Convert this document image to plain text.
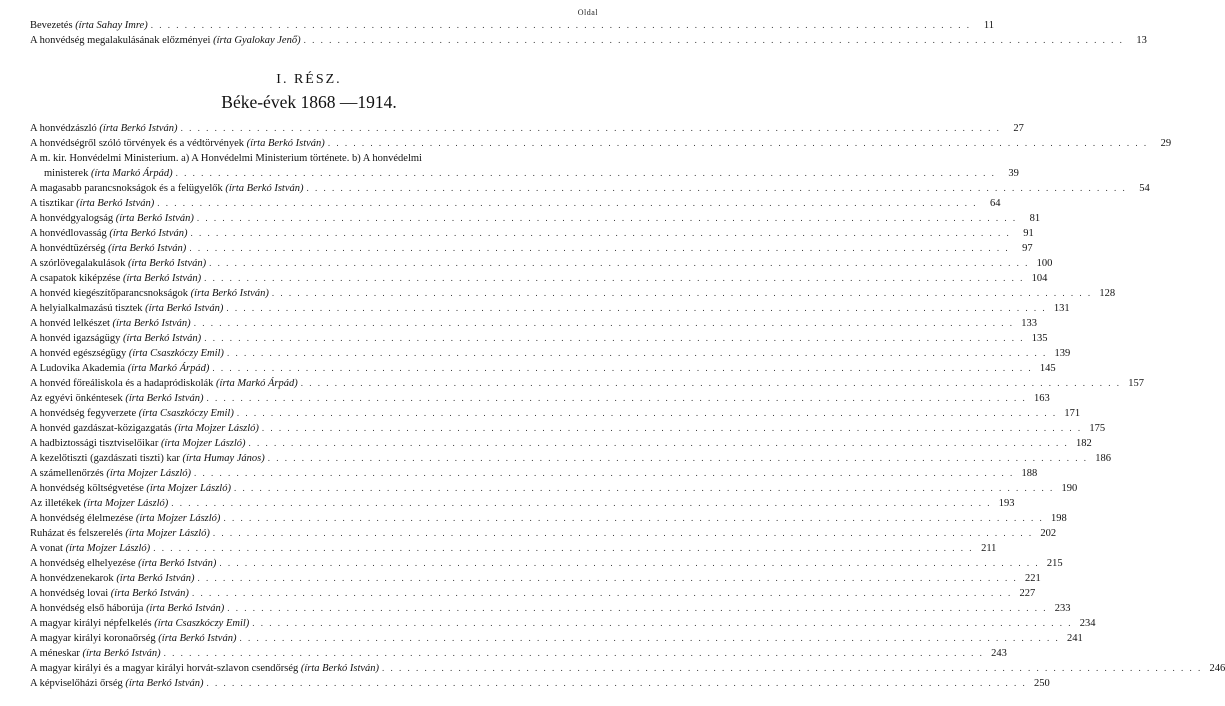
Oldal
Bevezetés (írta Sahay Imre) . . .	11
A honvédség megalakulásának előzményei (írta Gyalokay Jenő) . . .	13
I. RÉSZ.
Béke-évek 1868 —1914.
A honvédzászló (írta Berkó István) . . .	27
A honvédségről szóló törvények és a védtörvények (írta Berkó István) . . .	29
A m. kir. Honvédelmi Ministerium. a) A Honvédelmi Ministerium története. b) A honvédelmi
ministerek (írta Markó Árpád) . . .	39
A magasabb parancsnokságok és a felügyelők (írta Berkó István) . . .	54
A tisztikar (írta Berkó István) . . .	64
A honvédgyalogság (írta Berkó István) . . .	81
A honvédlovasság (írta Berkó István) . . .	91
A honvédtüzérség (írta Berkó István) . . .	97
A szórlövegalakulások (írta Berkó István) . . .	100
A csapatok kiképzése (írta Berkó István) . . .	104
A honvéd kiegészítőparancsnokságok (írta Berkó István) . . .	128
A helyialkalmazású tisztek (írta Berkó István) . . .	131
A honvéd lelkészet (írta Berkó István) . . .	133
A honvéd igazságügy (írta Berkó István) . . .	135
A honvéd egészségügy (írta Csaszkóczy Emil) . . .	139
A Ludovika Akademia (írta Markó Árpád) . . .	145
A honvéd főreáliskola és a hadapródiskolák (írta Markó Árpád) . . .	157
Az egyévi önkéntesek (írta Berkó István) . . .	163
A honvédség fegyverzete (írta Csaszkóczy Emil) . . .	171
A honvéd gazdászat-közigazgatás (írta Mojzer László) . . .	175
A hadbiztossági tisztviselőikar (írta Mojzer László) . . .	182
A kezelőtiszti (gazdászati tiszti) kar (írta Humay János) . . .	186
A számellenőrzés (írta Mojzer László) . . .	188
A honvédség költségvetése (írta Mojzer László) . . .	190
Az illetékek (írta Mojzer László) . . .	193
A honvédség élelmezése (írta Mojzer László) . . .	198
Ruházat és felszerelés (írta Mojzer László) . . .	202
A vonat (írta Mojzer László) . . .	211
A honvédség elhelyezése (írta Berkó István) . . .	215
A honvédzenekarok (írta Berkó István) . . .	221
A honvédség lovai (írta Berkó István) . . .	227
A honvédség első háborúja (írta Berkó István) . . .	233
A magyar királyi népfelkelés (írta Csaszkóczy Emil) . . .	234
A magyar királyi koronaőrség (írta Berkó István) . . .	241
A méneskar (írta Berkó István) . . .	243
A magyar királyi és a magyar királyi horvát-szlavon csendőrség (írta Berkó István) . . .	246
A képviselőházi őrség (írta Berkó István) . . .	250
